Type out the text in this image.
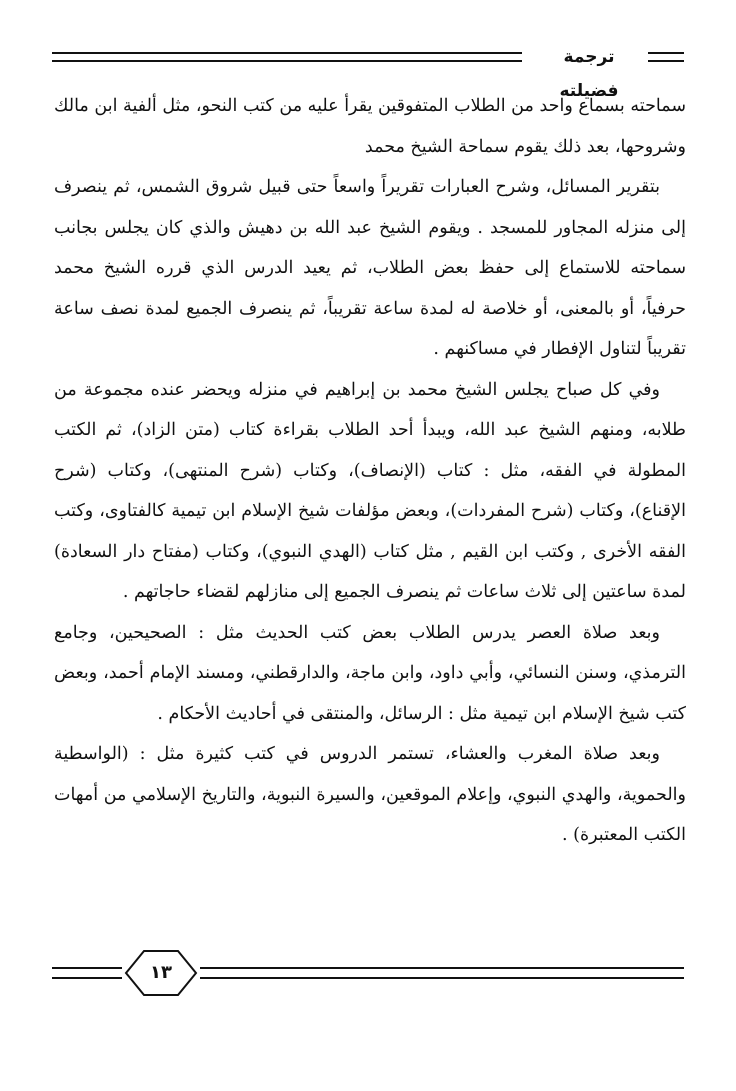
ترجمة فضيلته

سماحته بسماع واحد من الطلاب المتفوقين يقرأ عليه من كتب النحو، مثل ألفية ابن مالك وشروحها، بعد ذلك يقوم سماحة الشيخ محمد

بتقرير المسائل، وشرح العبارات تقريراً واسعاً حتى قبيل شروق الشمس، ثم ينصرف إلى منزله المجاور للمسجد . ويقوم الشيخ عبد الله بن دهيش والذي كان يجلس بجانب سماحته للاستماع إلى حفظ بعض الطلاب، ثم يعيد الدرس الذي قرره الشيخ محمد حرفياً، أو بالمعنى، أو خلاصة له لمدة ساعة تقريباً، ثم ينصرف الجميع لمدة نصف ساعة تقريباً لتناول الإفطار في مساكنهم .

وفي كل صباح يجلس الشيخ محمد بن إبراهيم في منزله ويحضر عنده مجموعة من طلابه، ومنهم الشيخ عبد الله، ويبدأ أحد الطلاب بقراءة كتاب (متن الزاد)، ثم الكتب المطولة في الفقه، مثل : كتاب (الإنصاف)، وكتاب (شرح المنتهى)، وكتاب (شرح الإقناع)، وكتاب (شرح المفردات)، وبعض مؤلفات شيخ الإسلام ابن تيمية كالفتاوى، وكتب الفقه الأخرى , وكتب ابن القيم , مثل كتاب (الهدي النبوي)، وكتاب (مفتاح دار السعادة) لمدة ساعتين إلى ثلاث ساعات ثم ينصرف الجميع إلى منازلهم لقضاء حاجاتهم .

وبعد صلاة العصر يدرس الطلاب بعض كتب الحديث مثل : الصحيحين، وجامع الترمذي، وسنن النسائي، وأبي داود، وابن ماجة، والدارقطني، ومسند الإمام أحمد، وبعض كتب شيخ الإسلام ابن تيمية مثل : الرسائل، والمنتقى في أحاديث الأحكام .

وبعد صلاة المغرب والعشاء، تستمر الدروس في كتب كثيرة مثل : (الواسطية والحموية، والهدي النبوي، وإعلام الموقعين، والسيرة النبوية، والتاريخ الإسلامي من أمهات الكتب المعتبرة) .

١٣
